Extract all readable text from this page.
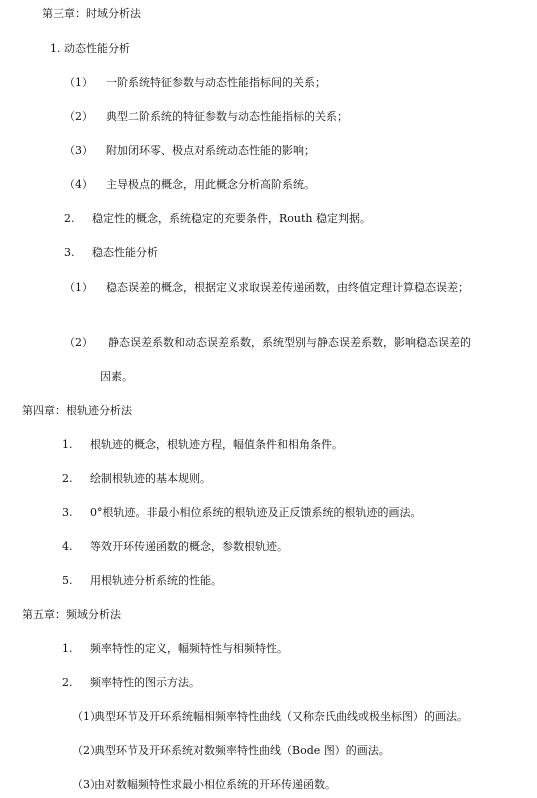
第三章：时域分析法
1. 动态性能分析
（1） 一阶系统特征参数与动态性能指标间的关系；
（2） 典型二阶系统的特征参数与动态性能指标的关系；
（3） 附加闭环零、极点对系统动态性能的影响；
（4） 主导极点的概念，用此概念分析高阶系统。
2. 稳定性的概念，系统稳定的充要条件，Routh 稳定判据。
3. 稳态性能分析
（1） 稳态误差的概念，根据定义求取误差传递函数，由终值定理计算稳态误差；
（2） 静态误差系数和动态误差系数，系统型别与静态误差系数，影响稳态误差的
因素。
第四章：根轨迹分析法
1. 根轨迹的概念，根轨迹方程，幅值条件和相角条件。
2. 绘制根轨迹的基本规则。
3. 0°根轨迹。非最小相位系统的根轨迹及正反馈系统的根轨迹的画法。
4. 等效开环传递函数的概念，参数根轨迹。
5. 用根轨迹分析系统的性能。
第五章：频域分析法
1. 频率特性的定义，幅频特性与相频特性。
2. 频率特性的图示方法。
（1）典型环节及开环系统幅相频率特性曲线（又称奈氏曲线或极坐标图）的画法。
（2）典型环节及开环系统对数频率特性曲线（Bode 图）的画法。
（3）由对数幅频特性求最小相位系统的开环传递函数。
